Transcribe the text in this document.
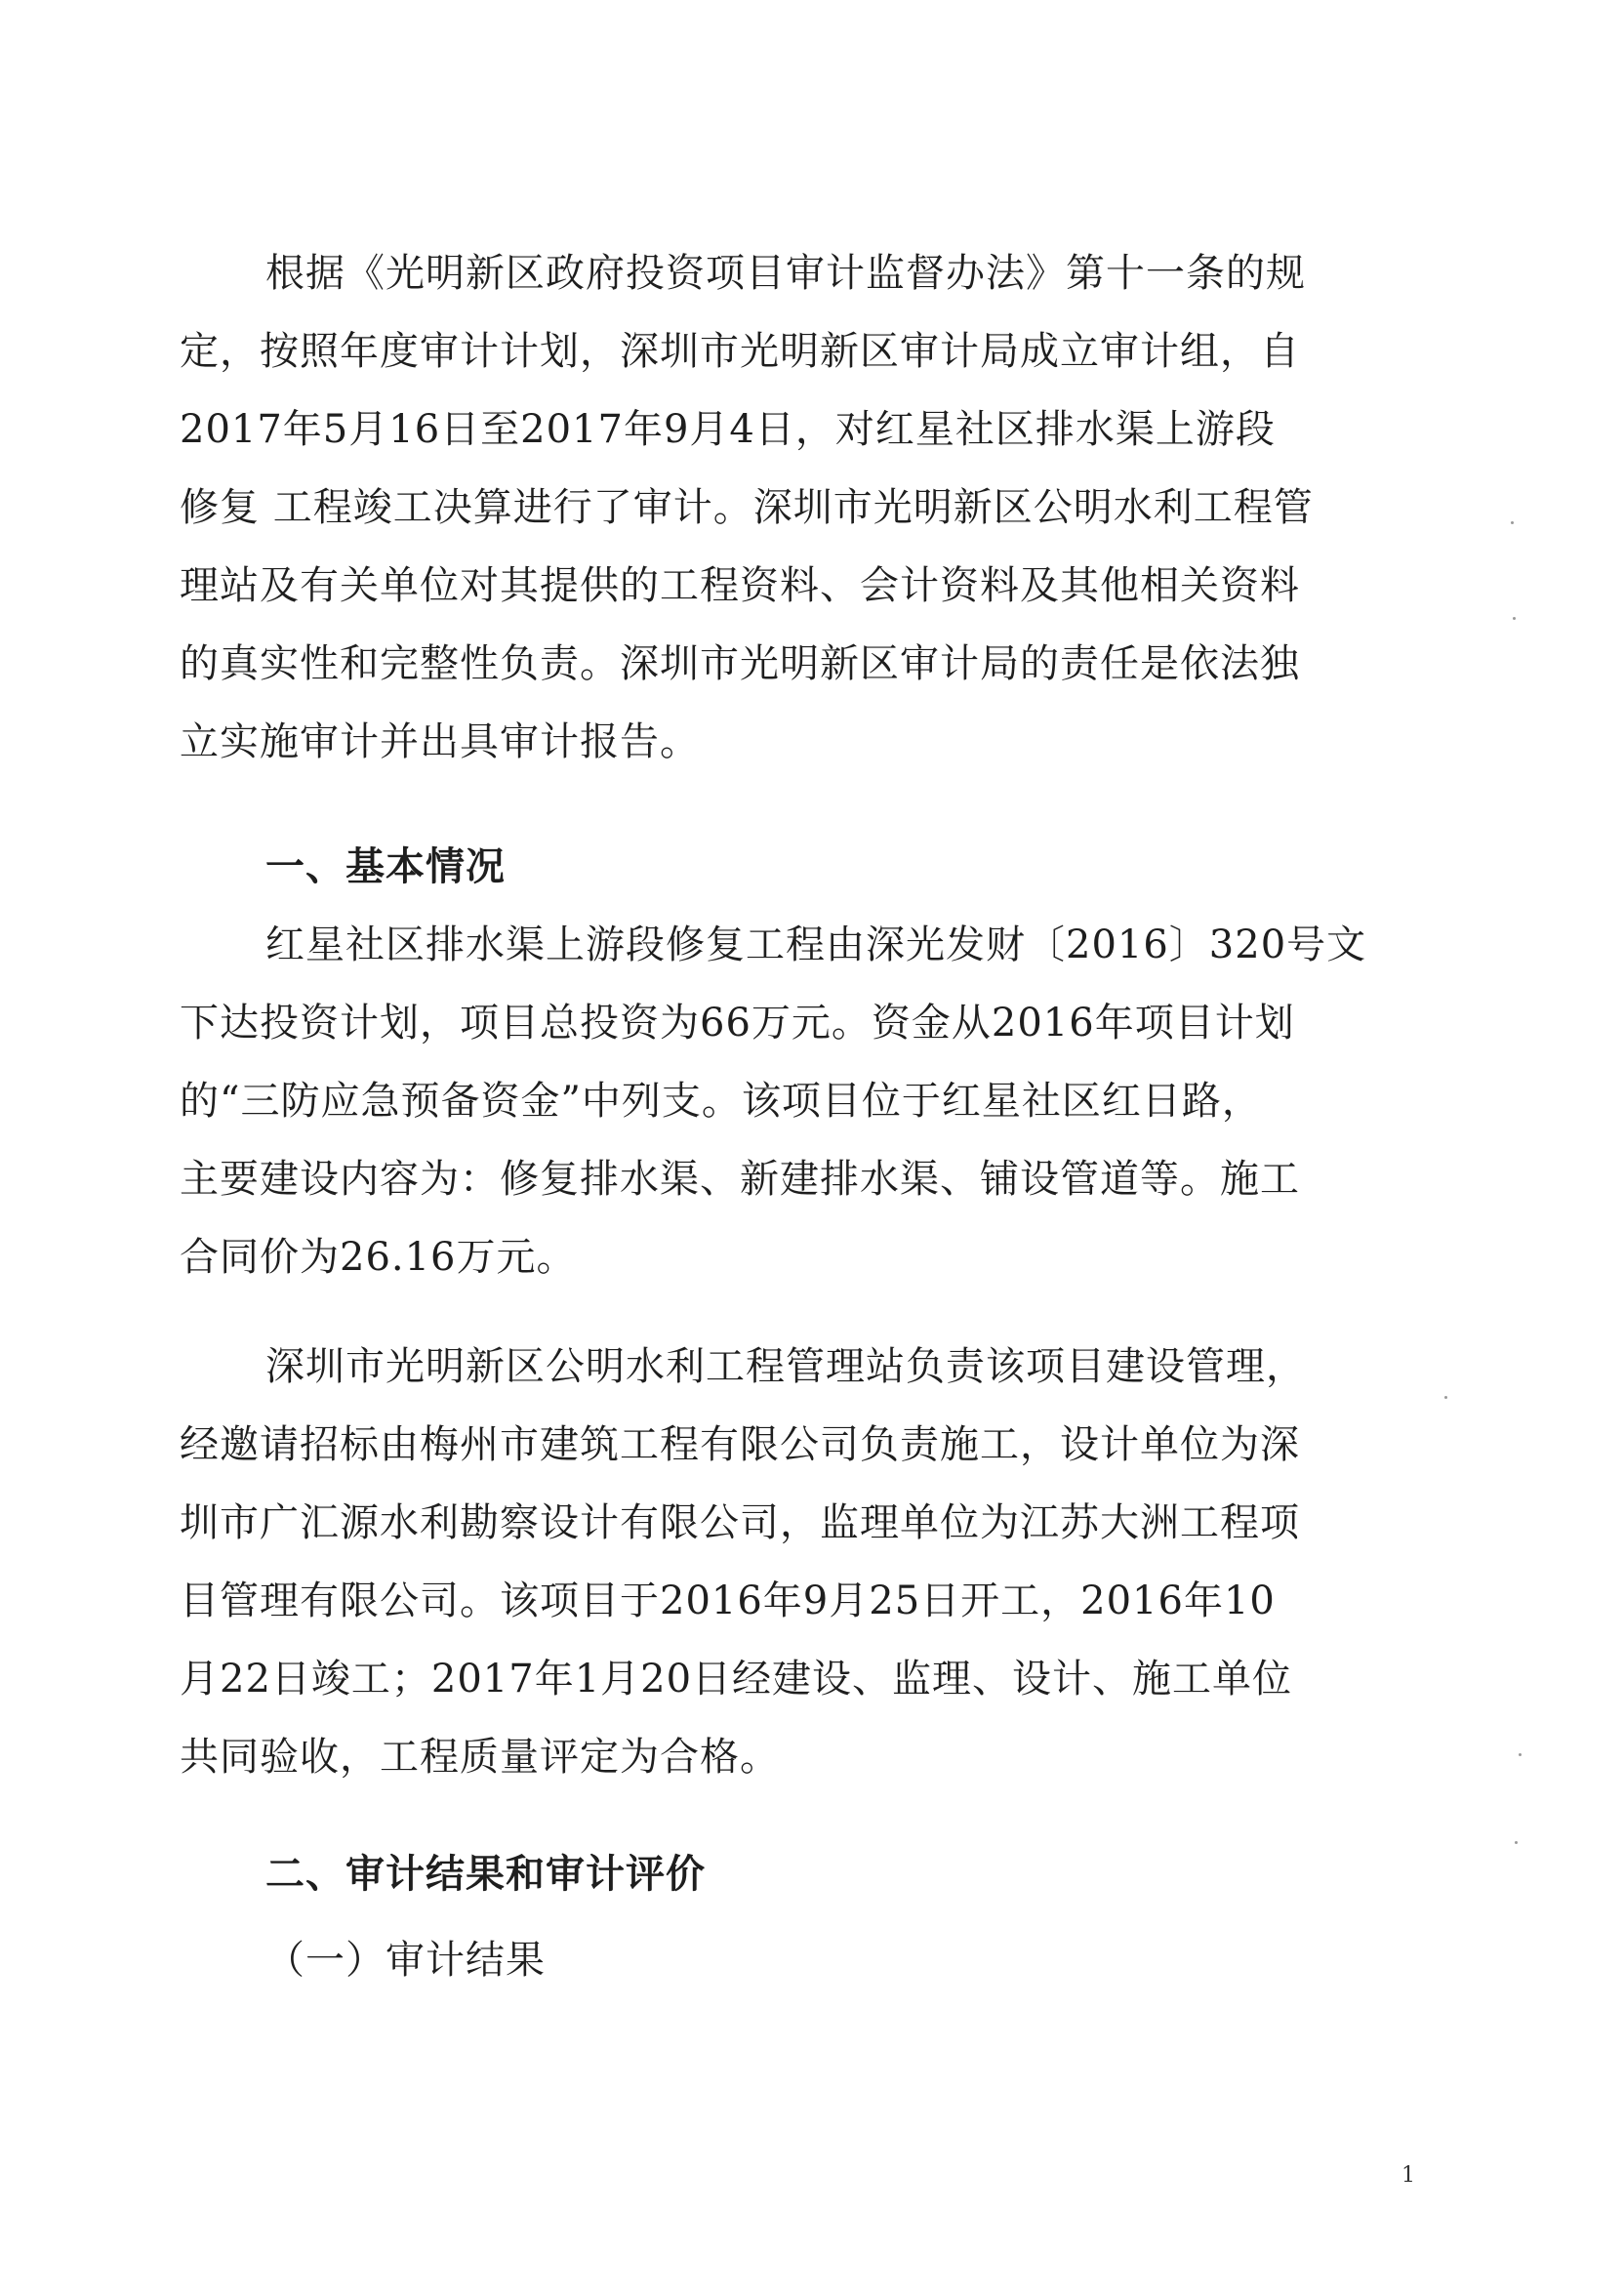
根据《光明新区政府投资项目审计监督办法》第十一条的规
定，按照年度审计计划，深圳市光明新区审计局成立审计组，自
2017年5月16日至2017年9月4日，对红星社区排水渠上游段
修复 工程竣工决算进行了审计。深圳市光明新区公明水利工程管
理站及有关单位对其提供的工程资料、会计资料及其他相关资料
的真实性和完整性负责。深圳市光明新区审计局的责任是依法独
立实施审计并出具审计报告。
一、基本情况
红星社区排水渠上游段修复工程由深光发财〔2016〕320号文
下达投资计划，项目总投资为66万元。资金从2016年项目计划
的“三防应急预备资金”中列支。该项目位于红星社区红日路，
主要建设内容为：修复排水渠、新建排水渠、铺设管道等。施工
合同价为26.16万元。
深圳市光明新区公明水利工程管理站负责该项目建设管理，
经邀请招标由梅州市建筑工程有限公司负责施工，设计单位为深
圳市广汇源水利勘察设计有限公司，监理单位为江苏大洲工程项
目管理有限公司。该项目于2016年9月25日开工，2016年10
月22日竣工；2017年1月20日经建设、监理、设计、施工单位
共同验收，工程质量评定为合格。
二、审计结果和审计评价
（一）审计结果
1
